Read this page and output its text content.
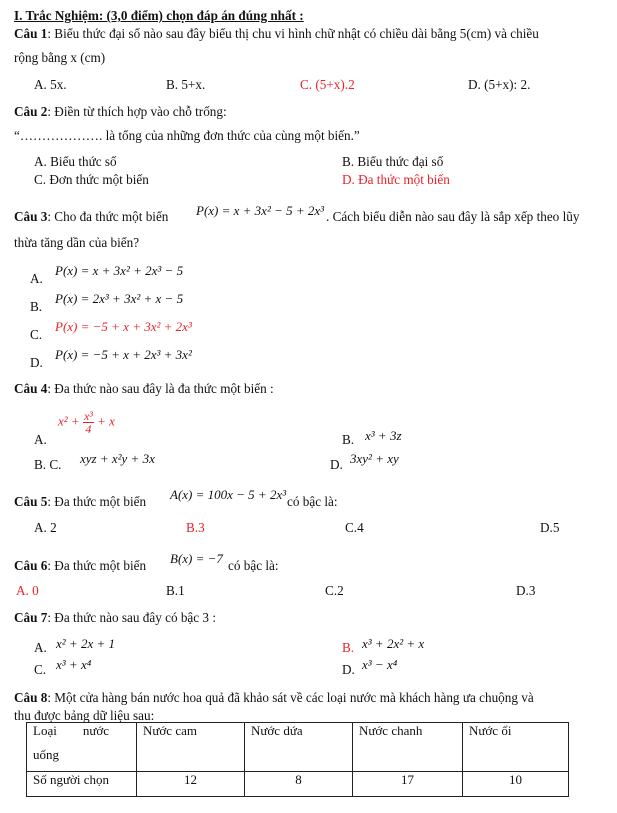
I. Trắc Nghiệm: (3,0 điểm) chọn đáp án đúng nhất :
Câu 1: Biểu thức đại số nào sau đây biểu thị chu vi hình chữ nhật có chiều dài bằng 5(cm) và chiều
rộng bằng x (cm)
A. 5x.	B. 5+x.	C. (5+x).2	D. (5+x): 2.
Câu 2: Điền từ thích hợp vào chỗ trống:
“………………. là tổng của những đơn thức của cùng một biến.”
A. Biểu thức số	B. Biểu thức đại số
C. Đơn thức một biến	D. Đa thức một biến
Câu 3: Cho đa thức một biến P(x) = x + 3x² − 5 + 2x³ . Cách biểu diễn nào sau đây là sắp xếp theo lũy
thừa tăng dần của biến?
A.
P(x) = x + 3x² + 2x³ − 5
B.
P(x) = 2x³ + 3x² + x − 5
C.
P(x) = −5 + x + 3x² + 2x³
D.
P(x) = −5 + x + 2x³ + 3x²
Câu 4: Đa thức nào sau đây là đa thức một biến :
A.
$x^2 + \frac{\text{x³}}{4} + x$
B. x³ + 3z
B. C. xyz + x²y + 3x	D. 3xy² + xy
Câu 5: Đa thức một biến A(x) = 100x − 5 + 2x³ có bậc là:
A. 2	B.3	C.4	D.5
Câu 6: Đa thức một biến B(x) = −7 có bậc là:
A. 0	B.1	C.2	D.3
Câu 7: Đa thức nào sau đây có bậc 3 :
A. x² + 2x + 1	B. x³ + 2x² + x
C. x³ + x⁴	D. x³ − x⁴
Câu 8: Một cửa hàng bán nước hoa quả đã khảo sát về các loại nước mà khách hàng ưa chuộng và
thu được bảng dữ liệu sau:
Loại        nước
uống	Nước cam	Nước dứa	Nước chanh	Nước ổi
Số người chọn	12	8	17	10
